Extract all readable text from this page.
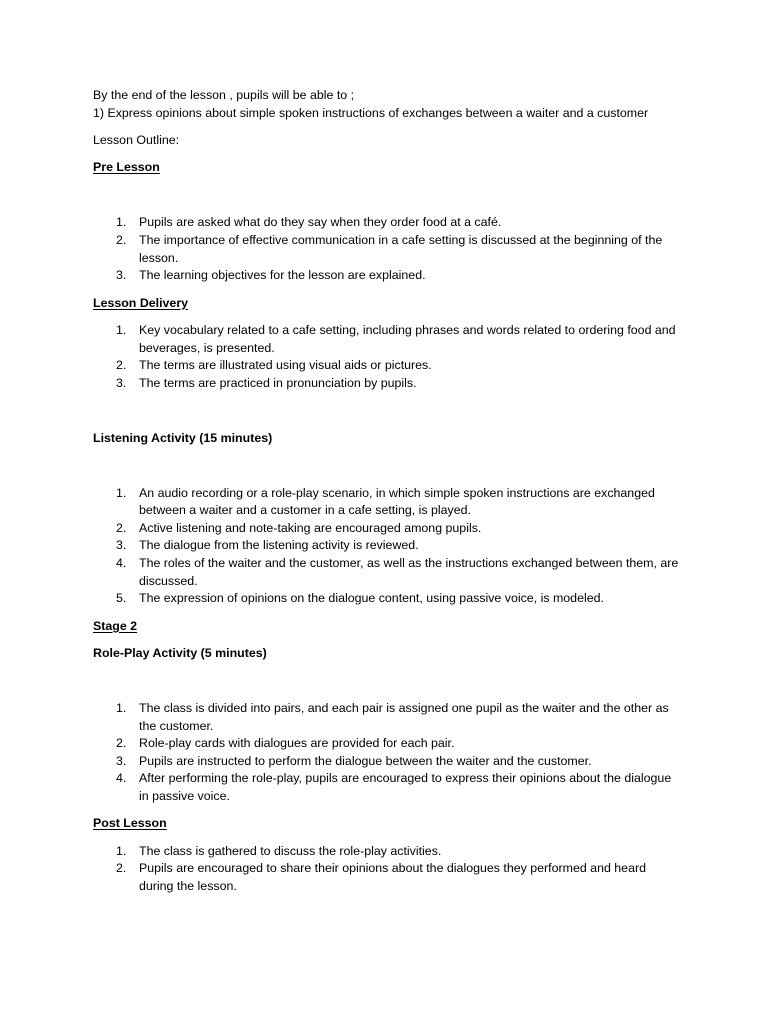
By the end of the lesson , pupils will be able to ;

1) Express opinions about simple spoken instructions of exchanges between a waiter and a customer

Lesson Outline:

Pre Lesson

1. Pupils are asked what do they say when they order food at a café.
2. The importance of effective communication in a cafe setting is discussed at the beginning of the lesson.
3. The learning objectives for the lesson are explained.

Lesson Delivery

1. Key vocabulary related to a cafe setting, including phrases and words related to ordering food and beverages, is presented.
2. The terms are illustrated using visual aids or pictures.
3. The terms are practiced in pronunciation by pupils.

Listening Activity (15 minutes)

1. An audio recording or a role-play scenario, in which simple spoken instructions are exchanged between a waiter and a customer in a cafe setting, is played.
2. Active listening and note-taking are encouraged among pupils.
3. The dialogue from the listening activity is reviewed.
4. The roles of the waiter and the customer, as well as the instructions exchanged between them, are discussed.
5. The expression of opinions on the dialogue content, using passive voice, is modeled.

Stage 2

Role-Play Activity (5 minutes)

1. The class is divided into pairs, and each pair is assigned one pupil as the waiter and the other as the customer.
2. Role-play cards with dialogues are provided for each pair.
3. Pupils are instructed to perform the dialogue between the waiter and the customer.
4. After performing the role-play, pupils are encouraged to express their opinions about the dialogue in passive voice.

Post Lesson

1. The class is gathered to discuss the role-play activities.
2. Pupils are encouraged to share their opinions about the dialogues they performed and heard during the lesson.
